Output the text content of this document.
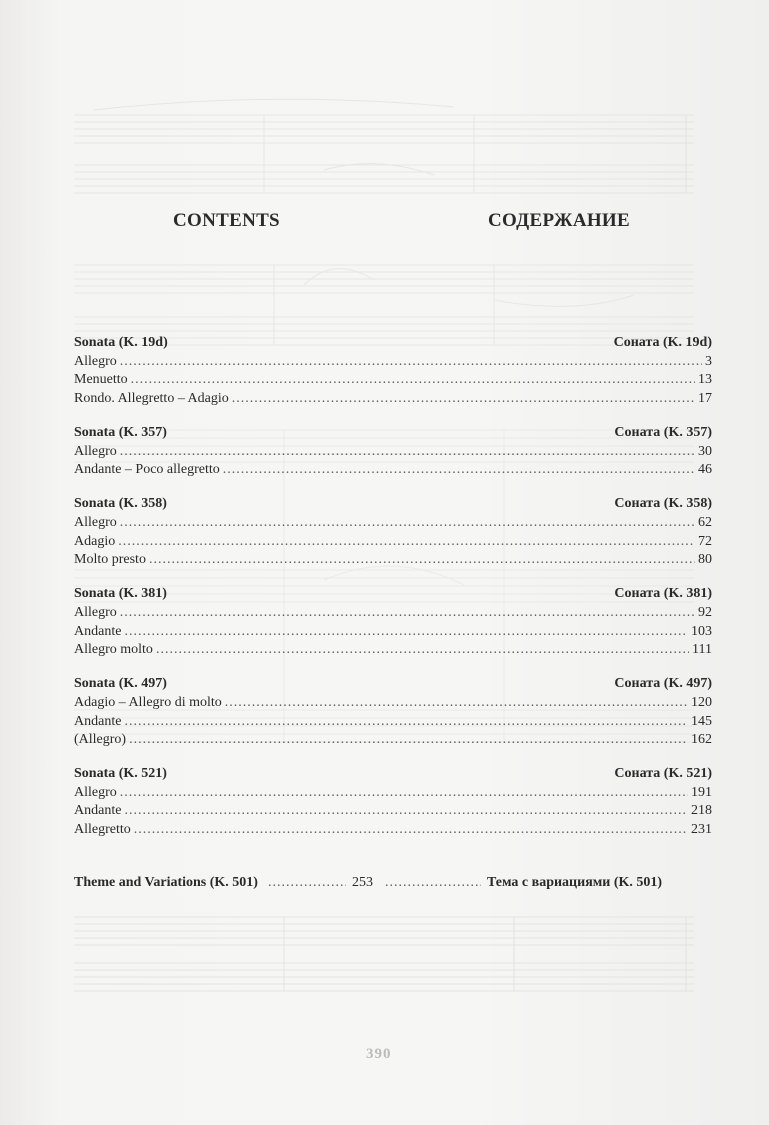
CONTENTS	СОДЕРЖАНИЕ
Sonata (K. 19d)	Соната (K. 19d)
Allegro .....	3
Menuetto .....	13
Rondo. Allegretto – Adagio .....	17
Sonata (K. 357)	Соната (K. 357)
Allegro .....	30
Andante – Poco allegretto .....	46
Sonata (K. 358)	Соната (K. 358)
Allegro .....	62
Adagio .....	72
Molto presto .....	80
Sonata (K. 381)	Соната (K. 381)
Allegro .....	92
Andante .....	103
Allegro molto .....	111
Sonata (K. 497)	Соната (K. 497)
Adagio – Allegro di molto .....	120
Andante .....	145
(Allegro) .....	162
Sonata (K. 521)	Соната (K. 521)
Allegro .....	191
Andante .....	218
Allegretto .....	231
Theme and Variations (K. 501) .....	253 .....	Тема с вариациями (K. 501)
390
